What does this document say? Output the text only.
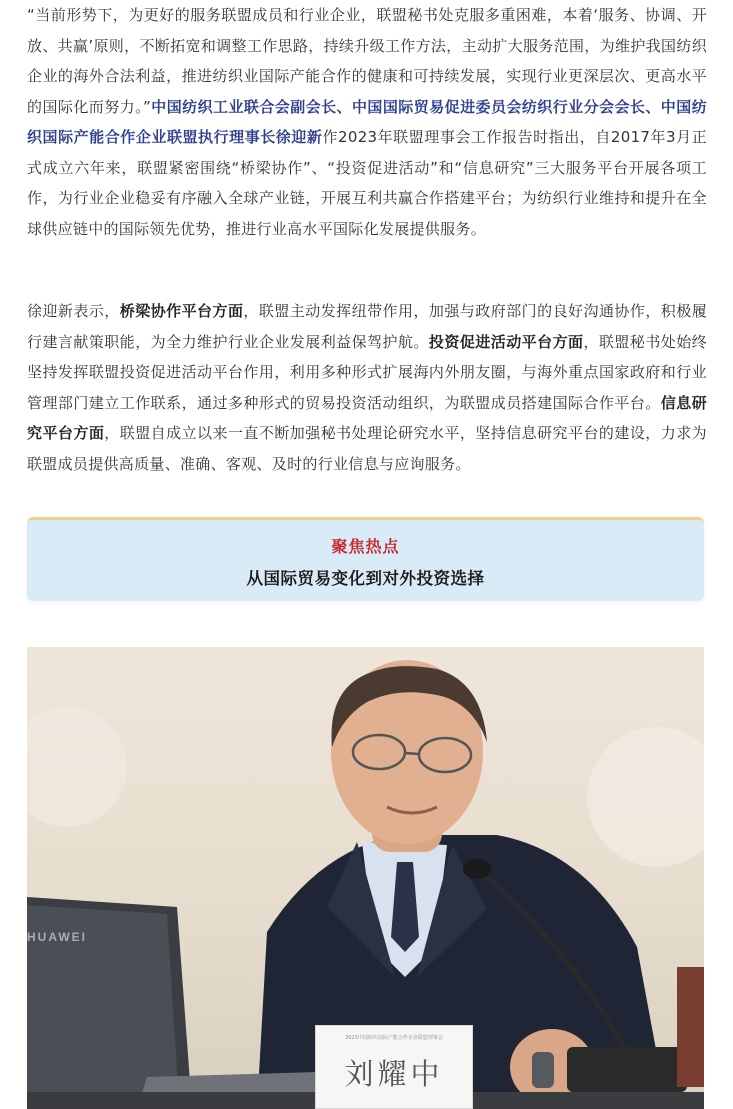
“当前形势下，为更好的服务联盟成员和行业企业，联盟秘书处克服多重困难，本着‘服务、协调、开放、共赢’原则，不断拓宽和调整工作思路，持续升级工作方法，主动扩大服务范围，为维护我国纺织企业的海外合法利益，推进纺织业国际产能合作的健康和可持续发展，实现行业更深层次、更高水平的国际化而努力。”中国纺织工业联合会副会长、中国国际贸易促进委员会纺织行业分会会长、中国纺织国际产能合作企业联盟执行理事长徐迎新作2023年联盟理事会工作报告时指出，自2017年3月正式成立六年来，联盟紧密围绕“桥梁协作”、“投资促进活动”和“信息研究”三大服务平台开展各项工作，为行业企业稳妥有序融入全球产业链，开展互利共赢合作搭建平台；为纺织行业维持和提升在全球供应链中的国际领先优势，推进行业高水平国际化发展提供服务。

徐迎新表示，桥梁协作平台方面，联盟主动发挥纽带作用，加强与政府部门的良好沟通协作，积极履行建言献策职能，为全力维护行业企业发展利益保驾护航。投资促进活动平台方面，联盟秘书处始终坚持发挥联盟投资促进活动平台作用，利用多种形式扩展海内外朋友圈，与海外重点国家政府和行业管理部门建立工作联系，通过多种形式的贸易投资活动组织，为联盟成员搭建国际合作平台。信息研究平台方面，联盟自成立以来一直不断加强秘书处理论研究水平，坚持信息研究平台的建设，力求为联盟成员提供高质量、准确、客观、及时的行业信息与应询服务。

聚焦热点
从国际贸易变化到对外投资选择
HUAWEI
2023中国纺织国际产能合作企业联盟理事会
刘耀中
